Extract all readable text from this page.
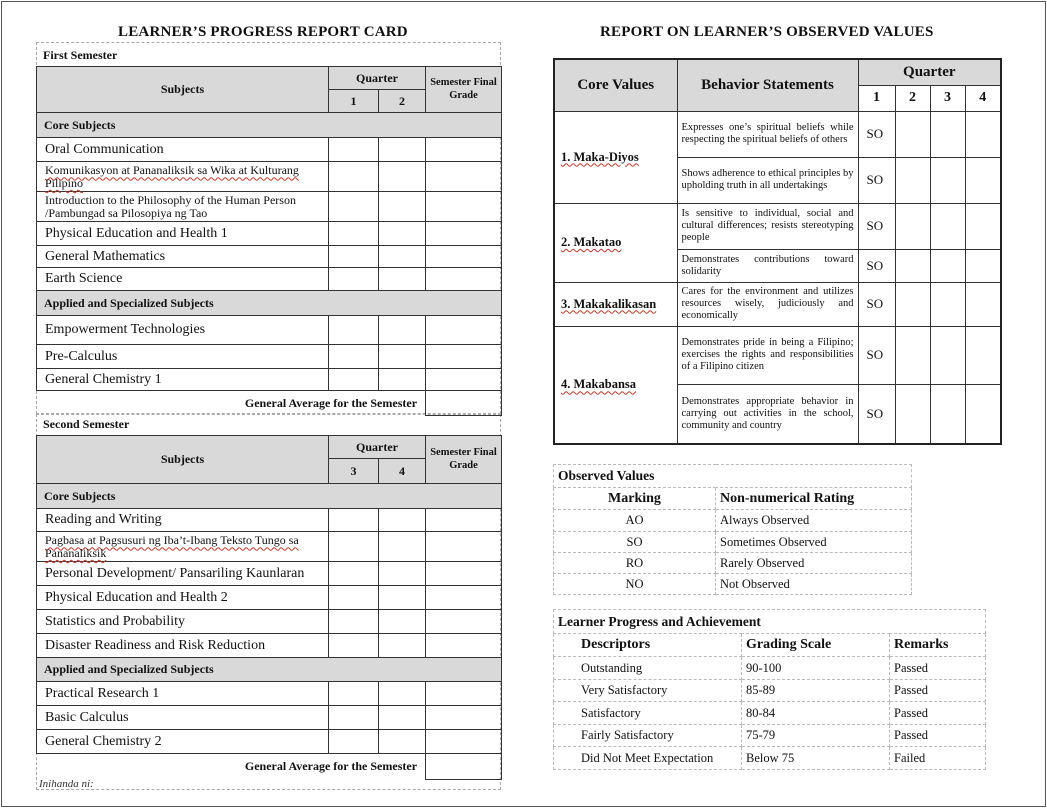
LEARNER’S PROGRESS REPORT CARD	REPORT ON LEARNER’S OBSERVED VALUES
First Semester
Second Semester
Subjects	Quarter		Semester Final Grade
	1	2	
Core Subjects			
Oral Communication			
Komunikasyon at Pananaliksik sa Wika at Kulturang Pilipino			
Introduction to the Philosophy of the Human Person /Pambungad sa Pilosopiya ng Tao			
Physical Education and Health 1			
General Mathematics			
Earth Science			
Applied and Specialized Subjects			
Empowerment Technologies			
Pre-Calculus			
General Chemistry 1			
General Average for the Semester			
Subjects	Quarter		Semester Final Grade
	3	4	
Core Subjects			
Reading and Writing			
Pagbasa at Pagsusuri ng Iba’t-Ibang Teksto Tungo sa Pananaliksik			
Personal Development/ Pansariling Kaunlaran			
Physical Education and Health 2			
Statistics and Probability			
Disaster Readiness and Risk Reduction			
Applied and Specialized Subjects			
Practical Research 1			
Basic Calculus			
General Chemistry 2			
General Average for the Semester			
Inihanda ni:
Core Values	Behavior Statements	Quarter			
		1	2	3	4
1. Maka-Diyos	Expresses one’s spiritual beliefs while respecting the spiritual beliefs of others	SO			
	Shows adherence to ethical principles by upholding truth in all undertakings	SO			
2. Makatao	Is sensitive to individual, social and cultural differences; resists stereotyping people	SO			
	Demonstrates contributions toward solidarity	SO			
3. Makakalikasan	Cares for the environment and utilizes resources wisely, judiciously and economically	SO			
4. Makabansa	Demonstrates pride in being a Filipino; exercises the rights and responsibilities of a Filipino citizen	SO			
	Demonstrates appropriate behavior in carrying out activities in the school, community and country	SO			
Observed Values	
Marking	Non-numerical Rating
AO	Always Observed
SO	Sometimes Observed
RO	Rarely Observed
NO	Not Observed
Learner Progress and Achievement		
Descriptors	Grading Scale	Remarks
Outstanding	90-100	Passed
Very Satisfactory	85-89	Passed
Satisfactory	80-84	Passed
Fairly Satisfactory	75-79	Passed
Did Not Meet Expectation	Below 75	Failed
